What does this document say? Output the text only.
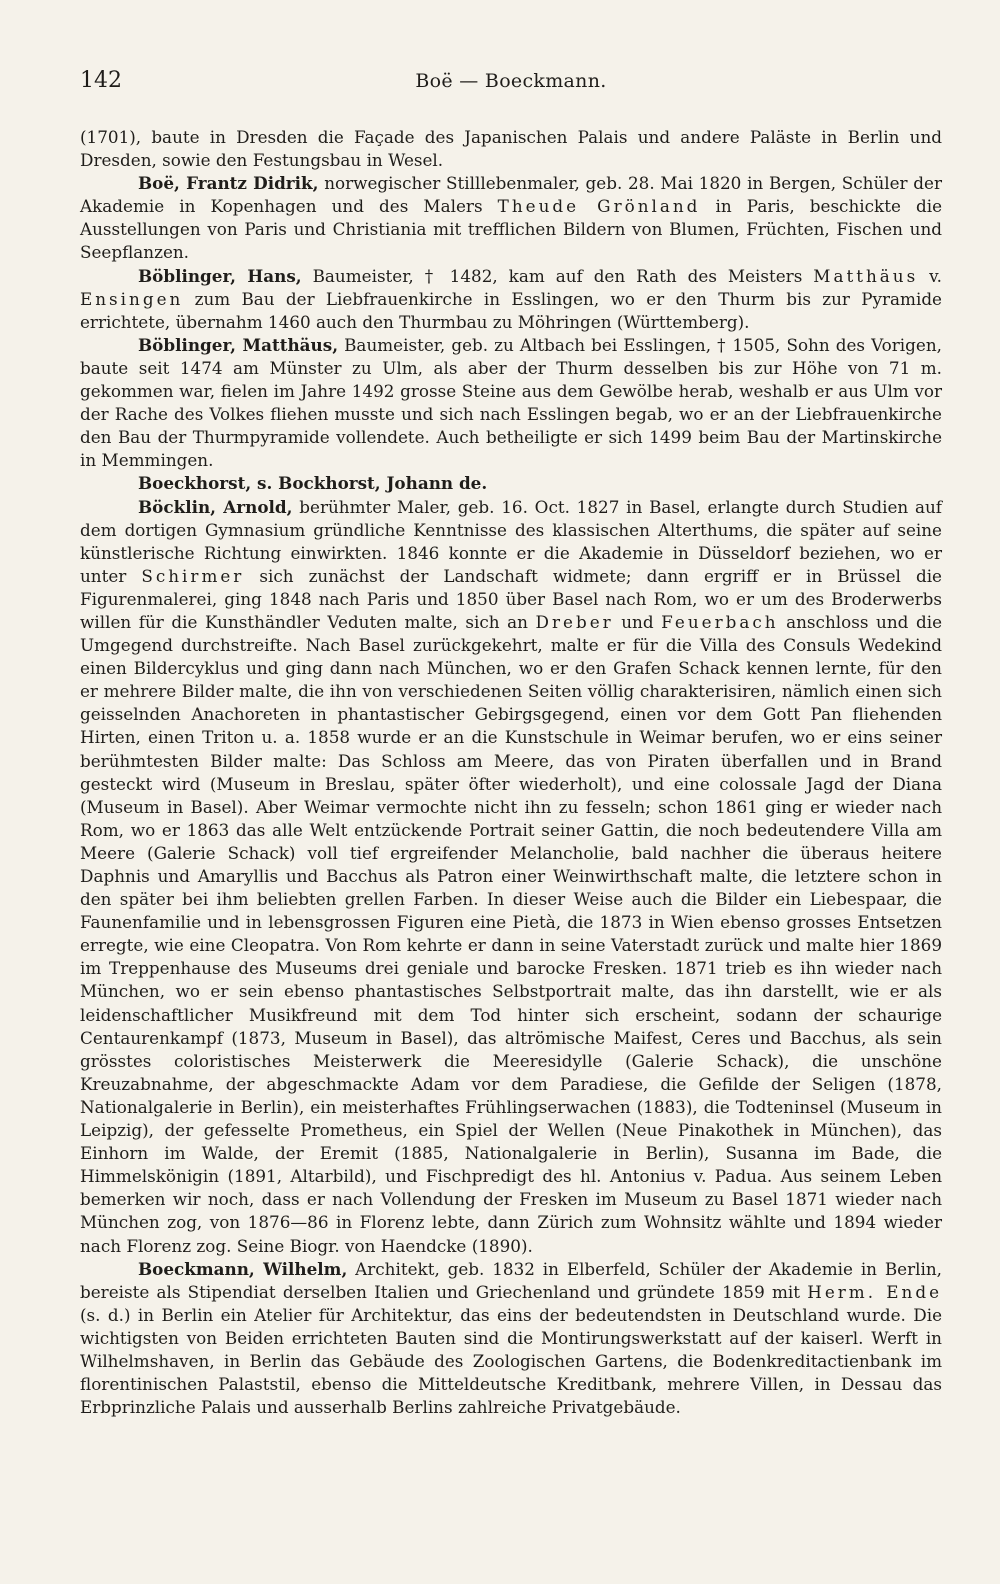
142	Boë — Boeckmann.

(1701), baute in Dresden die Façade des Japanischen Palais und andere Paläste in Berlin und Dresden, sowie den Festungsbau in Wesel.

Boë, Frantz Didrik, norwegischer Stilllebenmaler, geb. 28. Mai 1820 in Bergen, Schüler der Akademie in Kopenhagen und des Malers Theude Grönland in Paris, beschickte die Ausstellungen von Paris und Christiania mit trefflichen Bildern von Blumen, Früchten, Fischen und Seepflanzen.

Böblinger, Hans, Baumeister, † 1482, kam auf den Rath des Meisters Matthäus v. Ensingen zum Bau der Liebfrauenkirche in Esslingen, wo er den Thurm bis zur Pyramide errichtete, übernahm 1460 auch den Thurmbau zu Möhringen (Württemberg).

Böblinger, Matthäus, Baumeister, geb. zu Altbach bei Esslingen, † 1505, Sohn des Vorigen, baute seit 1474 am Münster zu Ulm, als aber der Thurm desselben bis zur Höhe von 71 m. gekommen war, fielen im Jahre 1492 grosse Steine aus dem Gewölbe herab, weshalb er aus Ulm vor der Rache des Volkes fliehen musste und sich nach Esslingen begab, wo er an der Liebfrauenkirche den Bau der Thurmpyramide vollendete. Auch betheiligte er sich 1499 beim Bau der Martinskirche in Memmingen.

Boeckhorst, s. Bockhorst, Johann de.

Böcklin, Arnold, berühmter Maler, geb. 16. Oct. 1827 in Basel, erlangte durch Studien auf dem dortigen Gymnasium gründliche Kenntnisse des klassischen Alterthums, die später auf seine künstlerische Richtung einwirkten. 1846 konnte er die Akademie in Düsseldorf beziehen, wo er unter Schirmer sich zunächst der Landschaft widmete; dann ergriff er in Brüssel die Figurenmalerei, ging 1848 nach Paris und 1850 über Basel nach Rom, wo er um des Broderwerbs willen für die Kunsthändler Veduten malte, sich an Dreber und Feuerbach anschloss und die Umgegend durchstreifte. Nach Basel zurückgekehrt, malte er für die Villa des Consuls Wedekind einen Bildercyklus und ging dann nach München, wo er den Grafen Schack kennen lernte, für den er mehrere Bilder malte, die ihn von verschiedenen Seiten völlig charakterisiren, nämlich einen sich geisselnden Anachoreten in phantastischer Gebirgsgegend, einen vor dem Gott Pan fliehenden Hirten, einen Triton u. a. 1858 wurde er an die Kunstschule in Weimar berufen, wo er eins seiner berühmtesten Bilder malte: Das Schloss am Meere, das von Piraten überfallen und in Brand gesteckt wird (Museum in Breslau, später öfter wiederholt), und eine colossale Jagd der Diana (Museum in Basel). Aber Weimar vermochte nicht ihn zu fesseln; schon 1861 ging er wieder nach Rom, wo er 1863 das alle Welt entzückende Portrait seiner Gattin, die noch bedeutendere Villa am Meere (Galerie Schack) voll tief ergreifender Melancholie, bald nachher die überaus heitere Daphnis und Amaryllis und Bacchus als Patron einer Weinwirthschaft malte, die letztere schon in den später bei ihm beliebten grellen Farben. In dieser Weise auch die Bilder ein Liebespaar, die Faunenfamilie und in lebensgrossen Figuren eine Pietà, die 1873 in Wien ebenso grosses Entsetzen erregte, wie eine Cleopatra. Von Rom kehrte er dann in seine Vaterstadt zurück und malte hier 1869 im Treppenhause des Museums drei geniale und barocke Fresken. 1871 trieb es ihn wieder nach München, wo er sein ebenso phantastisches Selbstportrait malte, das ihn darstellt, wie er als leidenschaftlicher Musikfreund mit dem Tod hinter sich erscheint, sodann der schaurige Centaurenkampf (1873, Museum in Basel), das altrömische Maifest, Ceres und Bacchus, als sein grösstes coloristisches Meisterwerk die Meeresidylle (Galerie Schack), die unschöne Kreuzabnahme, der abgeschmackte Adam vor dem Paradiese, die Gefilde der Seligen (1878, Nationalgalerie in Berlin), ein meisterhaftes Frühlingserwachen (1883), die Todteninsel (Museum in Leipzig), der gefesselte Prometheus, ein Spiel der Wellen (Neue Pinakothek in München), das Einhorn im Walde, der Eremit (1885, Nationalgalerie in Berlin), Susanna im Bade, die Himmelskönigin (1891, Altarbild), und Fischpredigt des hl. Antonius v. Padua. Aus seinem Leben bemerken wir noch, dass er nach Vollendung der Fresken im Museum zu Basel 1871 wieder nach München zog, von 1876—86 in Florenz lebte, dann Zürich zum Wohnsitz wählte und 1894 wieder nach Florenz zog. Seine Biogr. von Haendcke (1890).

Boeckmann, Wilhelm, Architekt, geb. 1832 in Elberfeld, Schüler der Akademie in Berlin, bereiste als Stipendiat derselben Italien und Griechenland und gründete 1859 mit Herm. Ende (s. d.) in Berlin ein Atelier für Architektur, das eins der bedeutendsten in Deutschland wurde. Die wichtigsten von Beiden errichteten Bauten sind die Montirungswerkstatt auf der kaiserl. Werft in Wilhelmshaven, in Berlin das Gebäude des Zoologischen Gartens, die Bodenkreditactienbank im florentinischen Palaststil, ebenso die Mitteldeutsche Kreditbank, mehrere Villen, in Dessau das Erbprinzliche Palais und ausserhalb Berlins zahlreiche Privatgebäude.
